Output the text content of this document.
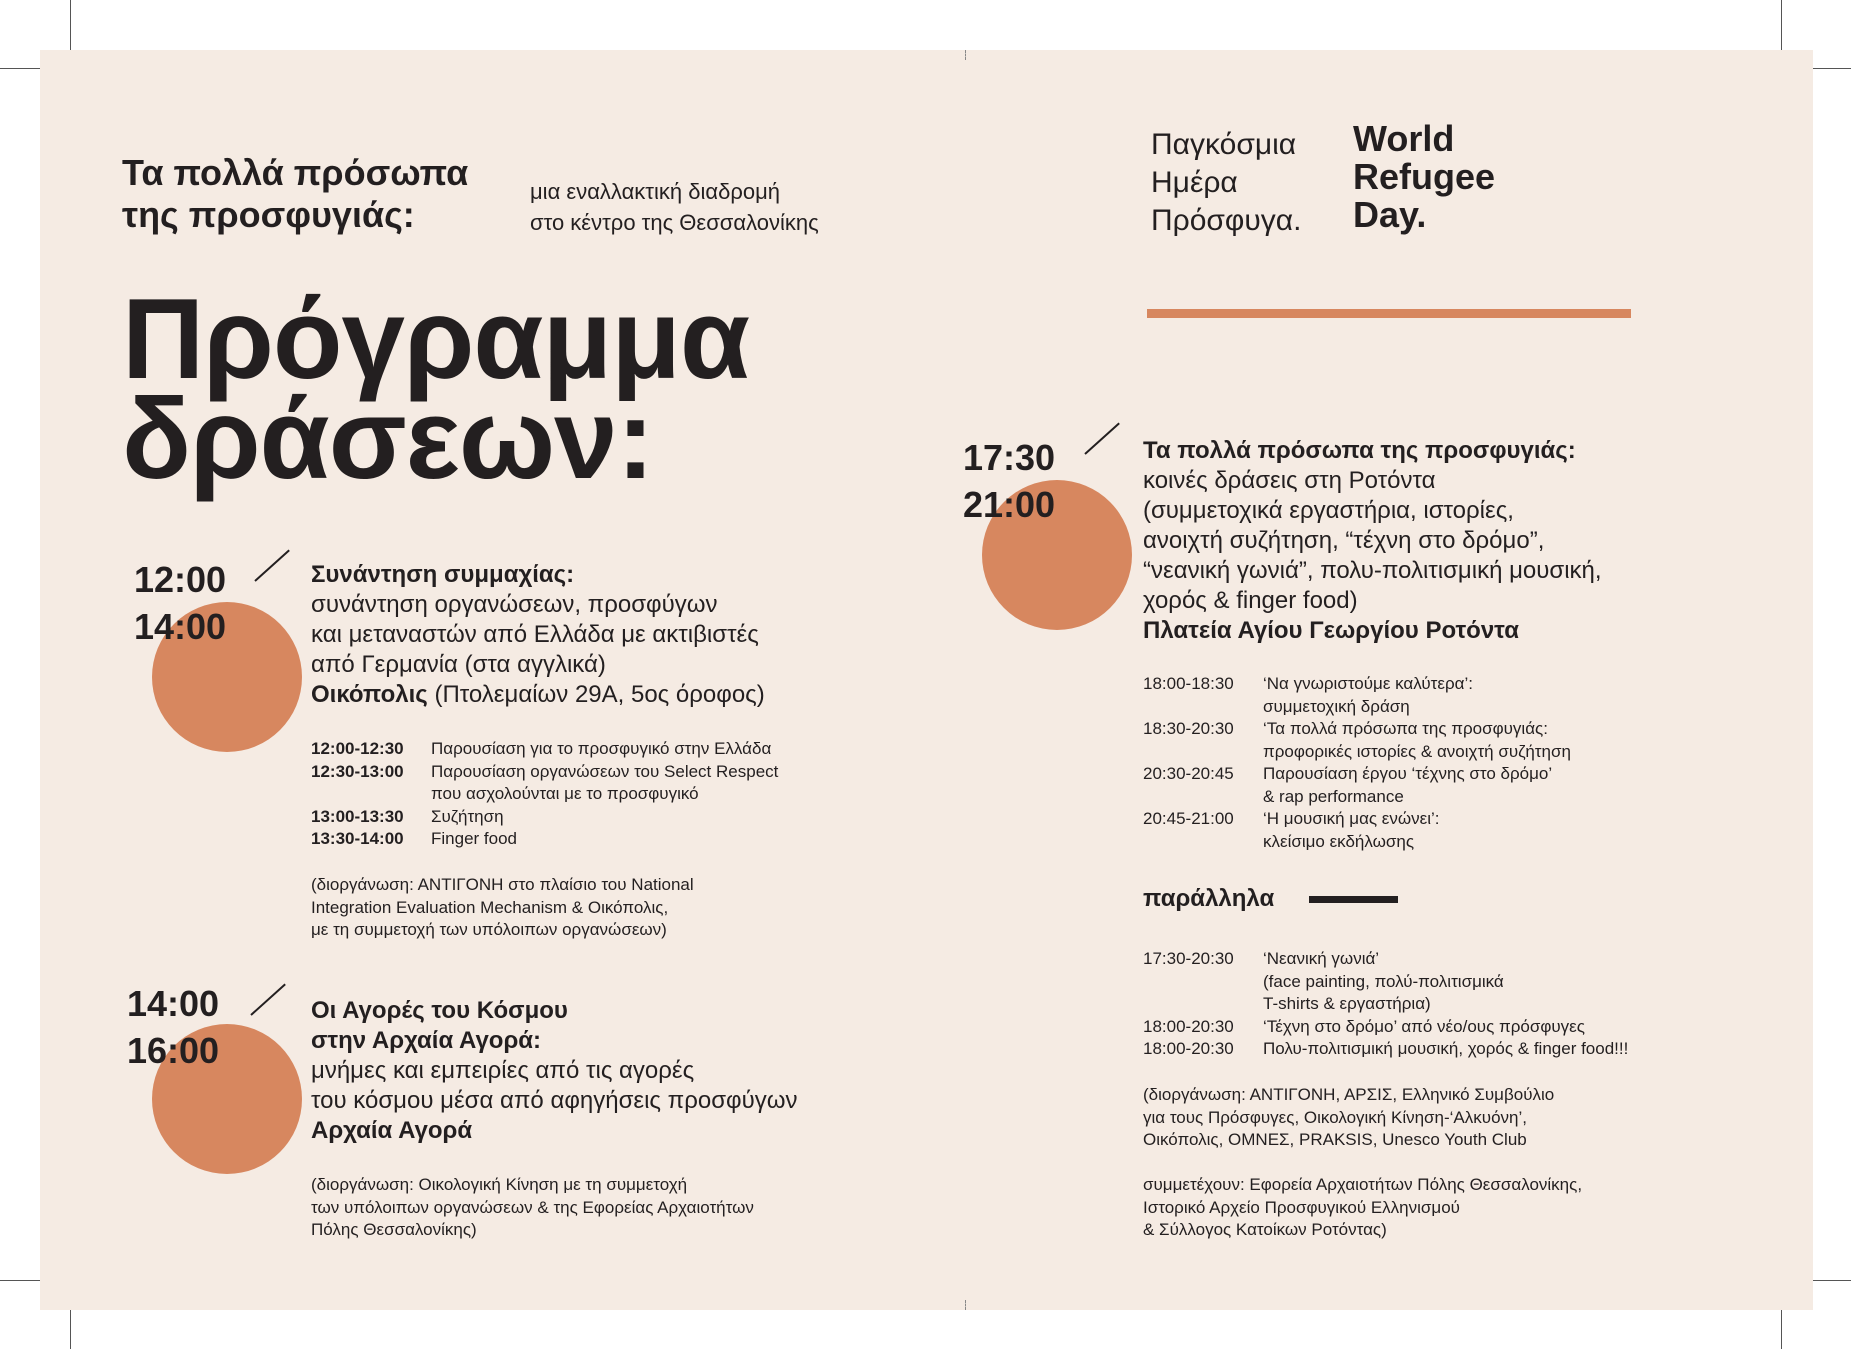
Τα πολλά πρόσωπα
της προσφυγιάς:
μια εναλλακτική διαδρομή
στο κέντρο της Θεσσαλονίκης
Πρόγραμμα
δράσεων:
12:00
14:00
Συνάντηση συμμαχίας:
συνάντηση οργανώσεων, προσφύγων
και μεταναστών από Ελλάδα με ακτιβιστές
από Γερμανία (στα αγγλικά)
Οικόπολις (Πτολεμαίων 29Α, 5ος όροφος)
12:00-12:30	Παρουσίαση για το προσφυγικό στην Ελλάδα
12:30-13:00	Παρουσίαση οργανώσεων του Select Respect
που ασχολούνται με το προσφυγικό
13:00-13:30	Συζήτηση
13:30-14:00	Finger food
(διοργάνωση: ΑΝΤΙΓΟΝΗ στο πλαίσιο του National
Integration Evaluation Mechanism & Οικόπολις,
με τη συμμετοχή των υπόλοιπων οργανώσεων)
14:00
16:00
Οι Αγορές του Κόσμου
στην Αρχαία Αγορά:
μνήμες και εμπειρίες από τις αγορές
του κόσμου μέσα από αφηγήσεις προσφύγων
Αρχαία Αγορά
(διοργάνωση: Οικολογική Κίνηση με τη συμμετοχή
των υπόλοιπων οργανώσεων & της Εφορείας Αρχαιοτήτων
Πόλης Θεσσαλονίκης)
Παγκόσμια
Ημέρα
Πρόσφυγα.
World
Refugee
Day.
17:30
21:00
Τα πολλά πρόσωπα της προσφυγιάς:
κοινές δράσεις στη Ροτόντα
(συμμετοχικά εργαστήρια, ιστορίες,
ανοιχτή συζήτηση, “τέχνη στο δρόμο”,
“νεανική γωνιά”, πολυ-πολιτισμική μουσική,
χορός & finger food)
Πλατεία Αγίου Γεωργίου Ροτόντα
18:00-18:30	‘Να γνωριστούμε καλύτερα’:
συμμετοχική δράση
18:30-20:30	‘Τα πολλά πρόσωπα της προσφυγιάς:
προφορικές ιστορίες & ανοιχτή συζήτηση
20:30-20:45	Παρουσίαση έργου ‘τέχνης στο δρόμο’
& rap performance
20:45-21:00	‘Η μουσική μας ενώνει’:
κλείσιμο εκδήλωσης
παράλληλα
17:30-20:30	‘Νεανική γωνιά’
(face painting, πολύ-πολιτισμικά
T-shirts & εργαστήρια)
18:00-20:30	‘Τέχνη στο δρόμο’ από νέο/ους πρόσφυγες
18:00-20:30	Πολυ-πολιτισμική μουσική, χορός & finger food!!!
(διοργάνωση: ΑΝΤΙΓΟΝΗ, ΑΡΣΙΣ, Ελληνικό Συμβούλιο
για τους Πρόσφυγες, Οικολογική Κίνηση-‘Αλκυόνη’,
Οικόπολις, ΟΜΝΕΣ, PRAKSIS, Unesco Youth Club
συμμετέχουν: Εφορεία Αρχαιοτήτων Πόλης Θεσσαλονίκης,
Ιστορικό Αρχείο Προσφυγικού Ελληνισμού
& Σύλλογος Κατοίκων Ροτόντας)
